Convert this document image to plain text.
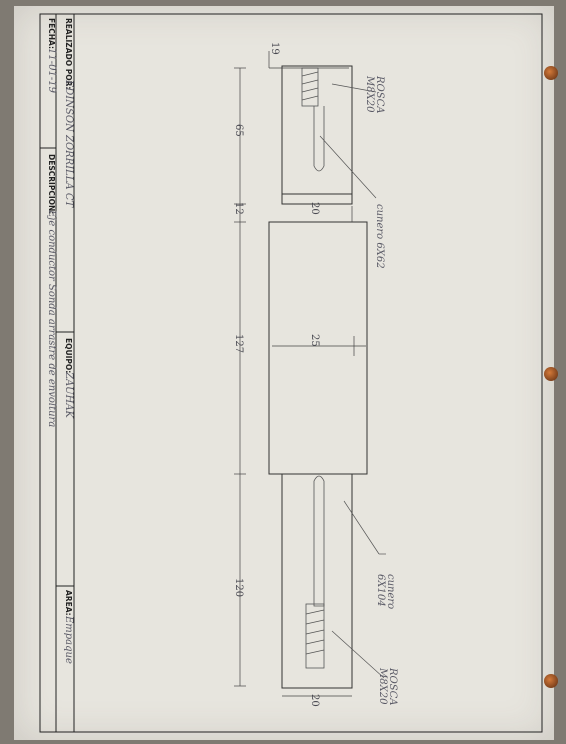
REALIZADO POR:
EDINSON ZORRILLA CT
FECHA:
11-01-19
DESCRIPCION:
Eje conductor Sonda arrastre de envoltura EQUIPO:
ZAUHAK
AREA:
Empaque
ROSCA
M8X20
cunero 6X62
cunero
6X104
ROSCA
M8X20
19
20
25
20
65
12
127
120
